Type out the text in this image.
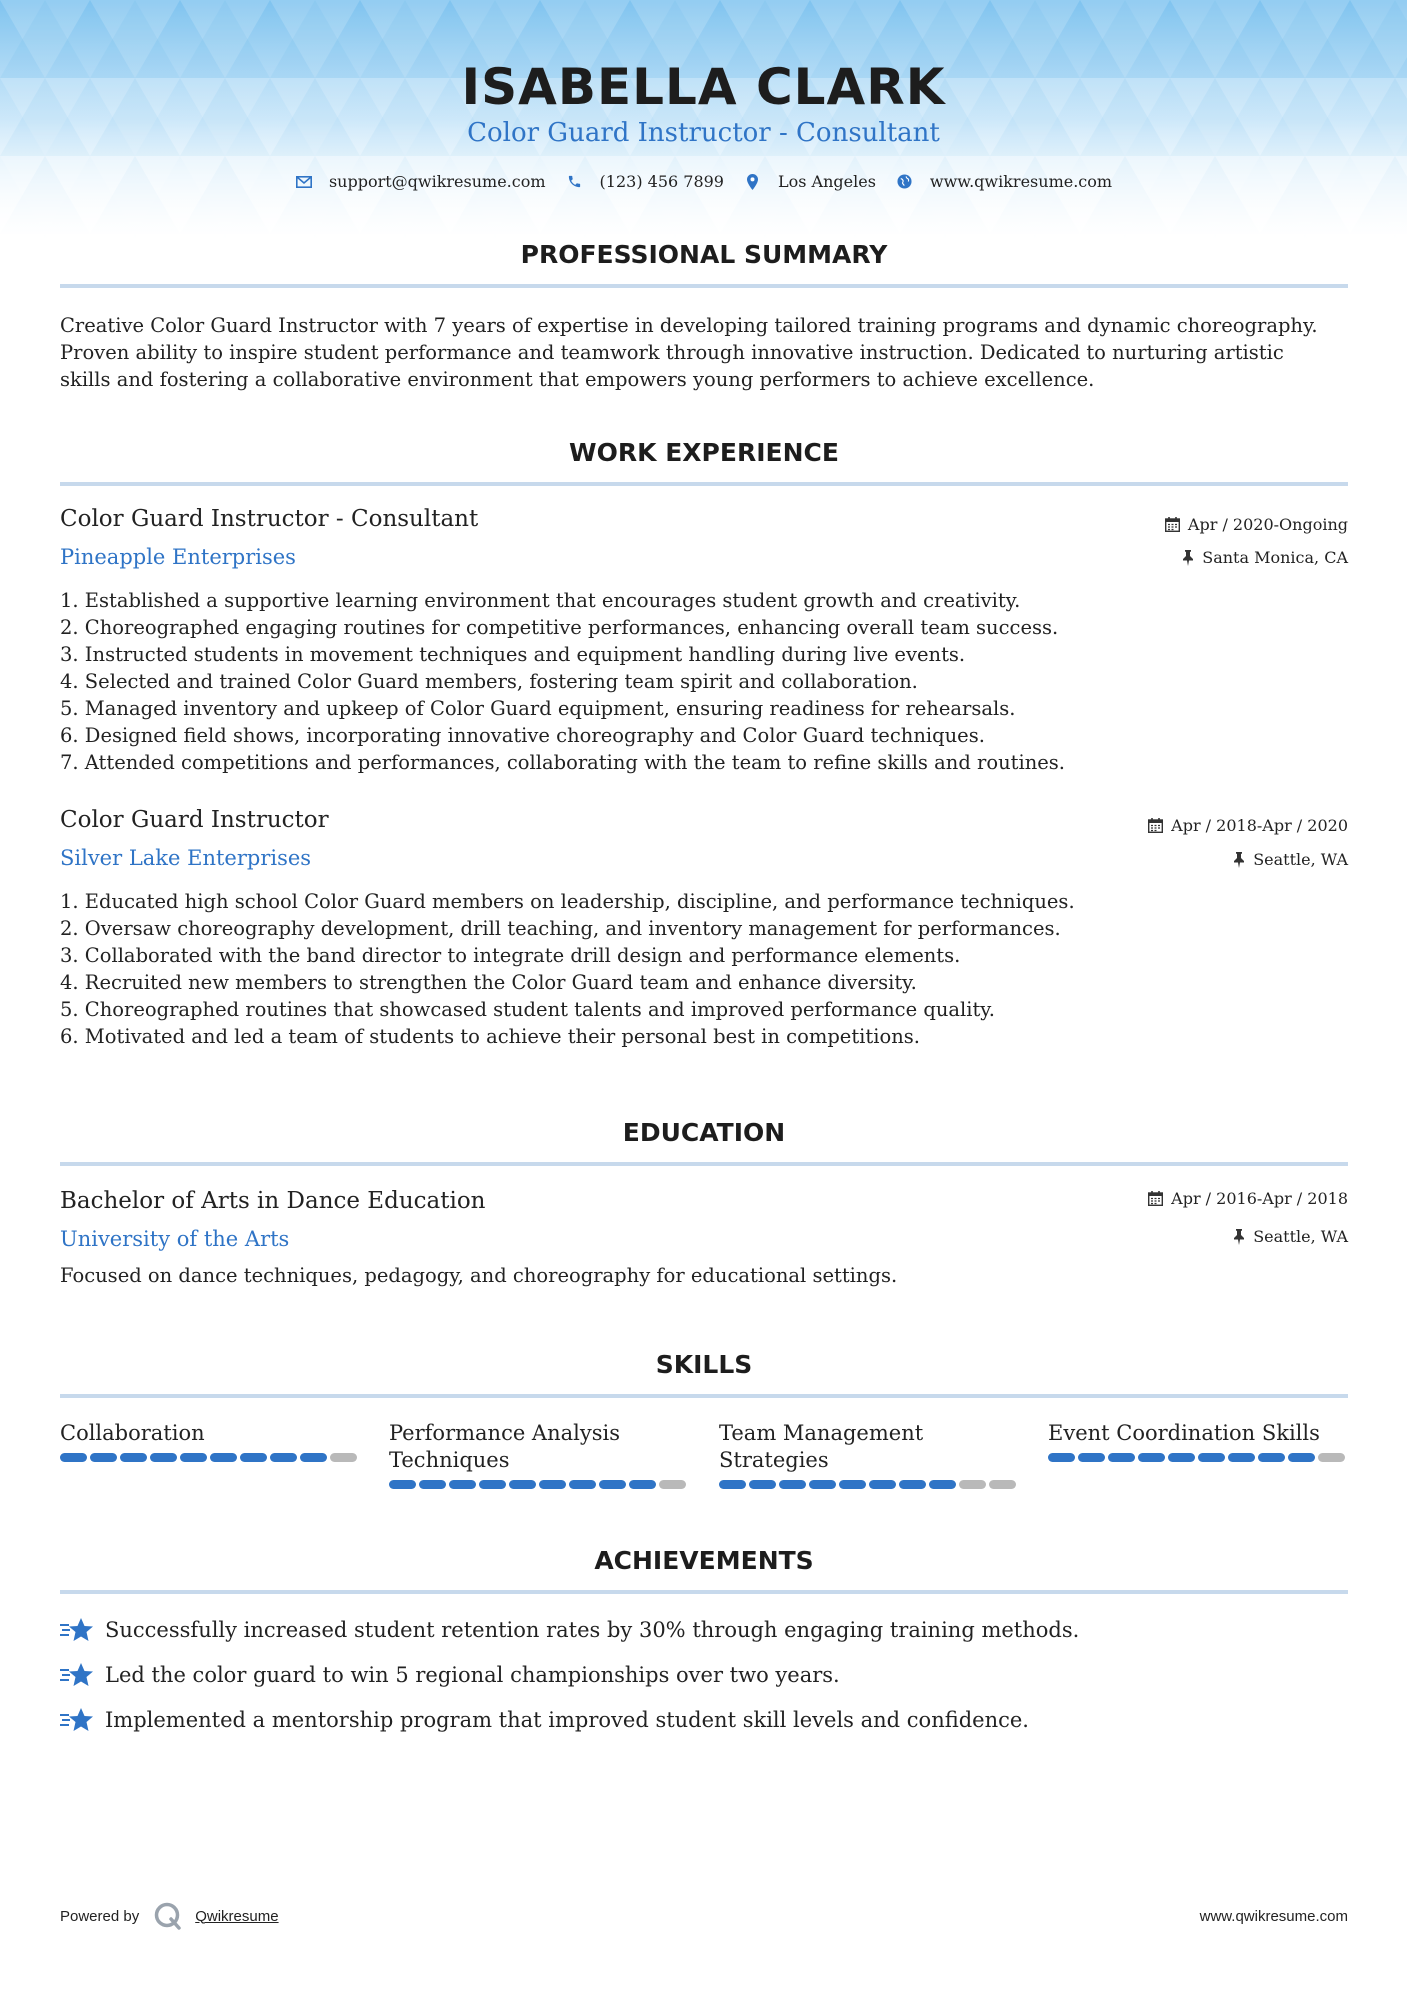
ISABELLA CLARK
Color Guard Instructor - Consultant
support@qwikresume.com	(123) 456 7899	Los Angeles	www.qwikresume.com
PROFESSIONAL SUMMARY
Creative Color Guard Instructor with 7 years of expertise in developing tailored training programs and dynamic choreography.
Proven ability to inspire student performance and teamwork through innovative instruction. Dedicated to nurturing artistic
skills and fostering a collaborative environment that empowers young performers to achieve excellence.
WORK EXPERIENCE
Color Guard Instructor - Consultant
Pineapple Enterprises
Apr / 2020-Ongoing
Santa Monica, CA
1. Established a supportive learning environment that encourages student growth and creativity.
2. Choreographed engaging routines for competitive performances, enhancing overall team success.
3. Instructed students in movement techniques and equipment handling during live events.
4. Selected and trained Color Guard members, fostering team spirit and collaboration.
5. Managed inventory and upkeep of Color Guard equipment, ensuring readiness for rehearsals.
6. Designed field shows, incorporating innovative choreography and Color Guard techniques.
7. Attended competitions and performances, collaborating with the team to refine skills and routines.
Color Guard Instructor
Silver Lake Enterprises
Apr / 2018-Apr / 2020
Seattle, WA
1. Educated high school Color Guard members on leadership, discipline, and performance techniques.
2. Oversaw choreography development, drill teaching, and inventory management for performances.
3. Collaborated with the band director to integrate drill design and performance elements.
4. Recruited new members to strengthen the Color Guard team and enhance diversity.
5. Choreographed routines that showcased student talents and improved performance quality.
6. Motivated and led a team of students to achieve their personal best in competitions.
EDUCATION
Bachelor of Arts in Dance Education
University of the Arts
Apr / 2016-Apr / 2018
Seattle, WA
Focused on dance techniques, pedagogy, and choreography for educational settings.
SKILLS
Collaboration	Performance Analysis
Techniques
Team Management
Strategies
Event Coordination Skills
ACHIEVEMENTS
Successfully increased student retention rates by 30% through engaging training methods.
Led the color guard to win 5 regional championships over two years.
Implemented a mentorship program that improved student skill levels and confidence.
Powered by	Qwikresume	www.qwikresume.com
